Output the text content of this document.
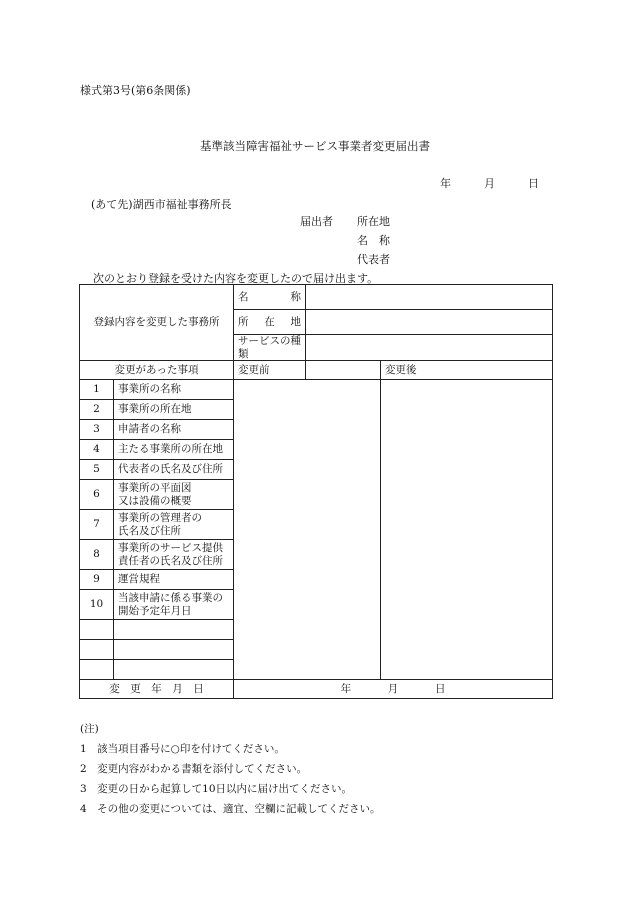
様式第3号(第6条関係)
基準該当障害福祉サービス事業者変更届出書
年	月	日
(あて先)湖西市福祉事務所長
届出者 所在地
名　称
代表者
次のとおり登録を受けた内容を変更したので届け出ます。
登録内容を変更した事務所		名 称		

		所 在 地		

		サービスの種類		
変更があった事項		変更前		変更後
1	事業所の名称			
2	事業所の所在地			
3	申請者の名称			
4	主たる事業所の所在地			
5	代表者の氏名及び住所			
6	事業所の平面図
又は設備の概要			
7	事業所の管理者の
氏名及び住所			
8	事業所のサービス提供
責任者の氏名及び住所			
9	運営規程			
10	当該申請に係る事業の
開始予定年月日			

変　更　年　月　日		年 月 日		
(注)
1　該当項目番号に○印を付けてください。
2　変更内容がわかる書類を添付してください。
3　変更の日から起算して10日以内に届け出てください。
4　その他の変更については、適宜、空欄に記載してください。
